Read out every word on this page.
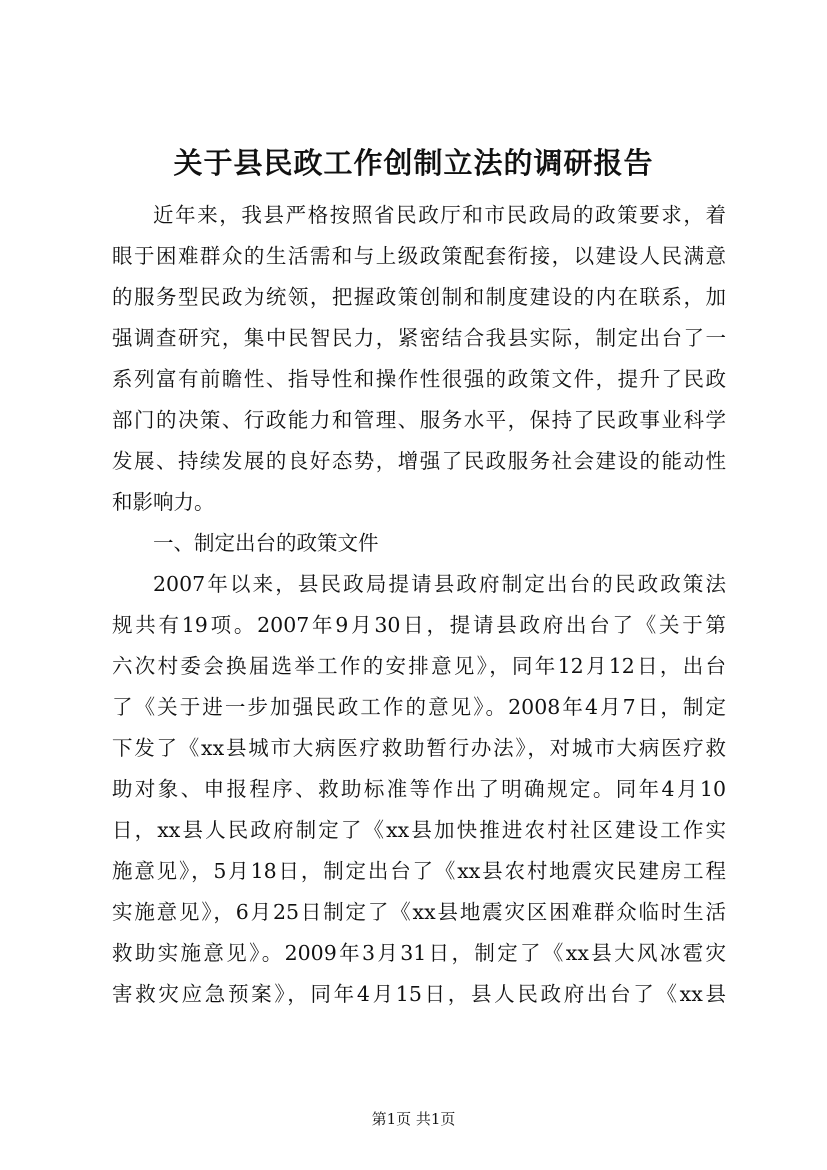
关于县民政工作创制立法的调研报告
近年来，我县严格按照省民政厅和市民政局的政策要求，着
眼于困难群众的生活需和与上级政策配套衔接，以建设人民满意
的服务型民政为统领，把握政策创制和制度建设的内在联系，加
强调查研究，集中民智民力，紧密结合我县实际，制定出台了一
系列富有前瞻性、指导性和操作性很强的政策文件，提升了民政
部门的决策、行政能力和管理、服务水平，保持了民政事业科学
发展、持续发展的良好态势，增强了民政服务社会建设的能动性
和影响力。
一、制定出台的政策文件
2007年以来，县民政局提请县政府制定出台的民政政策法
规共有19项。2007年9月30日，提请县政府出台了《关于第
六次村委会换届选举工作的安排意见》，同年12月12日，出台
了《关于进一步加强民政工作的意见》。2008年4月7日，制定
下发了《xx县城市大病医疗救助暂行办法》，对城市大病医疗救
助对象、申报程序、救助标准等作出了明确规定。同年4月10
日，xx县人民政府制定了《xx县加快推进农村社区建设工作实
施意见》，5月18日，制定出台了《xx县农村地震灾民建房工程
实施意见》，6月25日制定了《xx县地震灾区困难群众临时生活
救助实施意见》。2009年3月31日，制定了《xx县大风冰雹灾
害救灾应急预案》，同年4月15日，县人民政府出台了《xx县
第1页 共1页
